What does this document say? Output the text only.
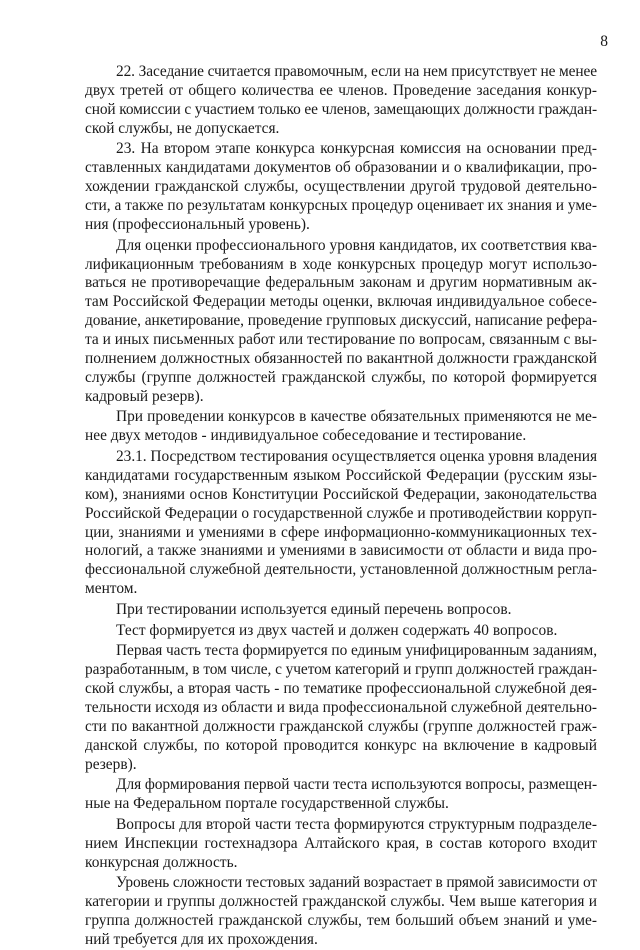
8
22. Заседание считается правомочным, если на нем присутствует не менее
двух третей от общего количества ее членов. Проведение заседания конкур-
сной комиссии с участием только ее членов, замещающих должности граждан-
ской службы, не допускается.
23. На втором этапе конкурса конкурсная комиссия на основании пред-
ставленных кандидатами документов об образовании и о квалификации, про-
хождении гражданской службы, осуществлении другой трудовой деятельно-
сти, а также по результатам конкурсных процедур оценивает их знания и уме-
ния (профессиональный уровень).
Для оценки профессионального уровня кандидатов, их соответствия ква-
лификационным требованиям в ходе конкурсных процедур могут использо-
ваться не противоречащие федеральным законам и другим нормативным ак-
там Российской Федерации методы оценки, включая индивидуальное собесе-
дование, анкетирование, проведение групповых дискуссий, написание рефера-
та и иных письменных работ или тестирование по вопросам, связанным с вы-
полнением должностных обязанностей по вакантной должности гражданской
службы (группе должностей гражданской службы, по которой формируется
кадровый резерв).
При проведении конкурсов в качестве обязательных применяются не ме-
нее двух методов - индивидуальное собеседование и тестирование.
23.1. Посредством тестирования осуществляется оценка уровня владения
кандидатами государственным языком Российской Федерации (русским язы-
ком), знаниями основ Конституции Российской Федерации, законодательства
Российской Федерации о государственной службе и противодействии корруп-
ции, знаниями и умениями в сфере информационно-коммуникационных тех-
нологий, а также знаниями и умениями в зависимости от области и вида про-
фессиональной служебной деятельности, установленной должностным регла-
ментом.
При тестировании используется единый перечень вопросов.
Тест формируется из двух частей и должен содержать 40 вопросов.
Первая часть теста формируется по единым унифицированным заданиям,
разработанным, в том числе, с учетом категорий и групп должностей граждан-
ской службы, а вторая часть - по тематике профессиональной служебной дея-
тельности исходя из области и вида профессиональной служебной деятельно-
сти по вакантной должности гражданской службы (группе должностей граж-
данской службы, по которой проводится конкурс на включение в кадровый
резерв).
Для формирования первой части теста используются вопросы, размещен-
ные на Федеральном портале государственной службы.
Вопросы для второй части теста формируются структурным подразделе-
нием Инспекции гостехнадзора Алтайского края, в состав которого входит
конкурсная должность.
Уровень сложности тестовых заданий возрастает в прямой зависимости от
категории и группы должностей гражданской службы. Чем выше категория и
группа должностей гражданской службы, тем больший объем знаний и уме-
ний требуется для их прохождения.
